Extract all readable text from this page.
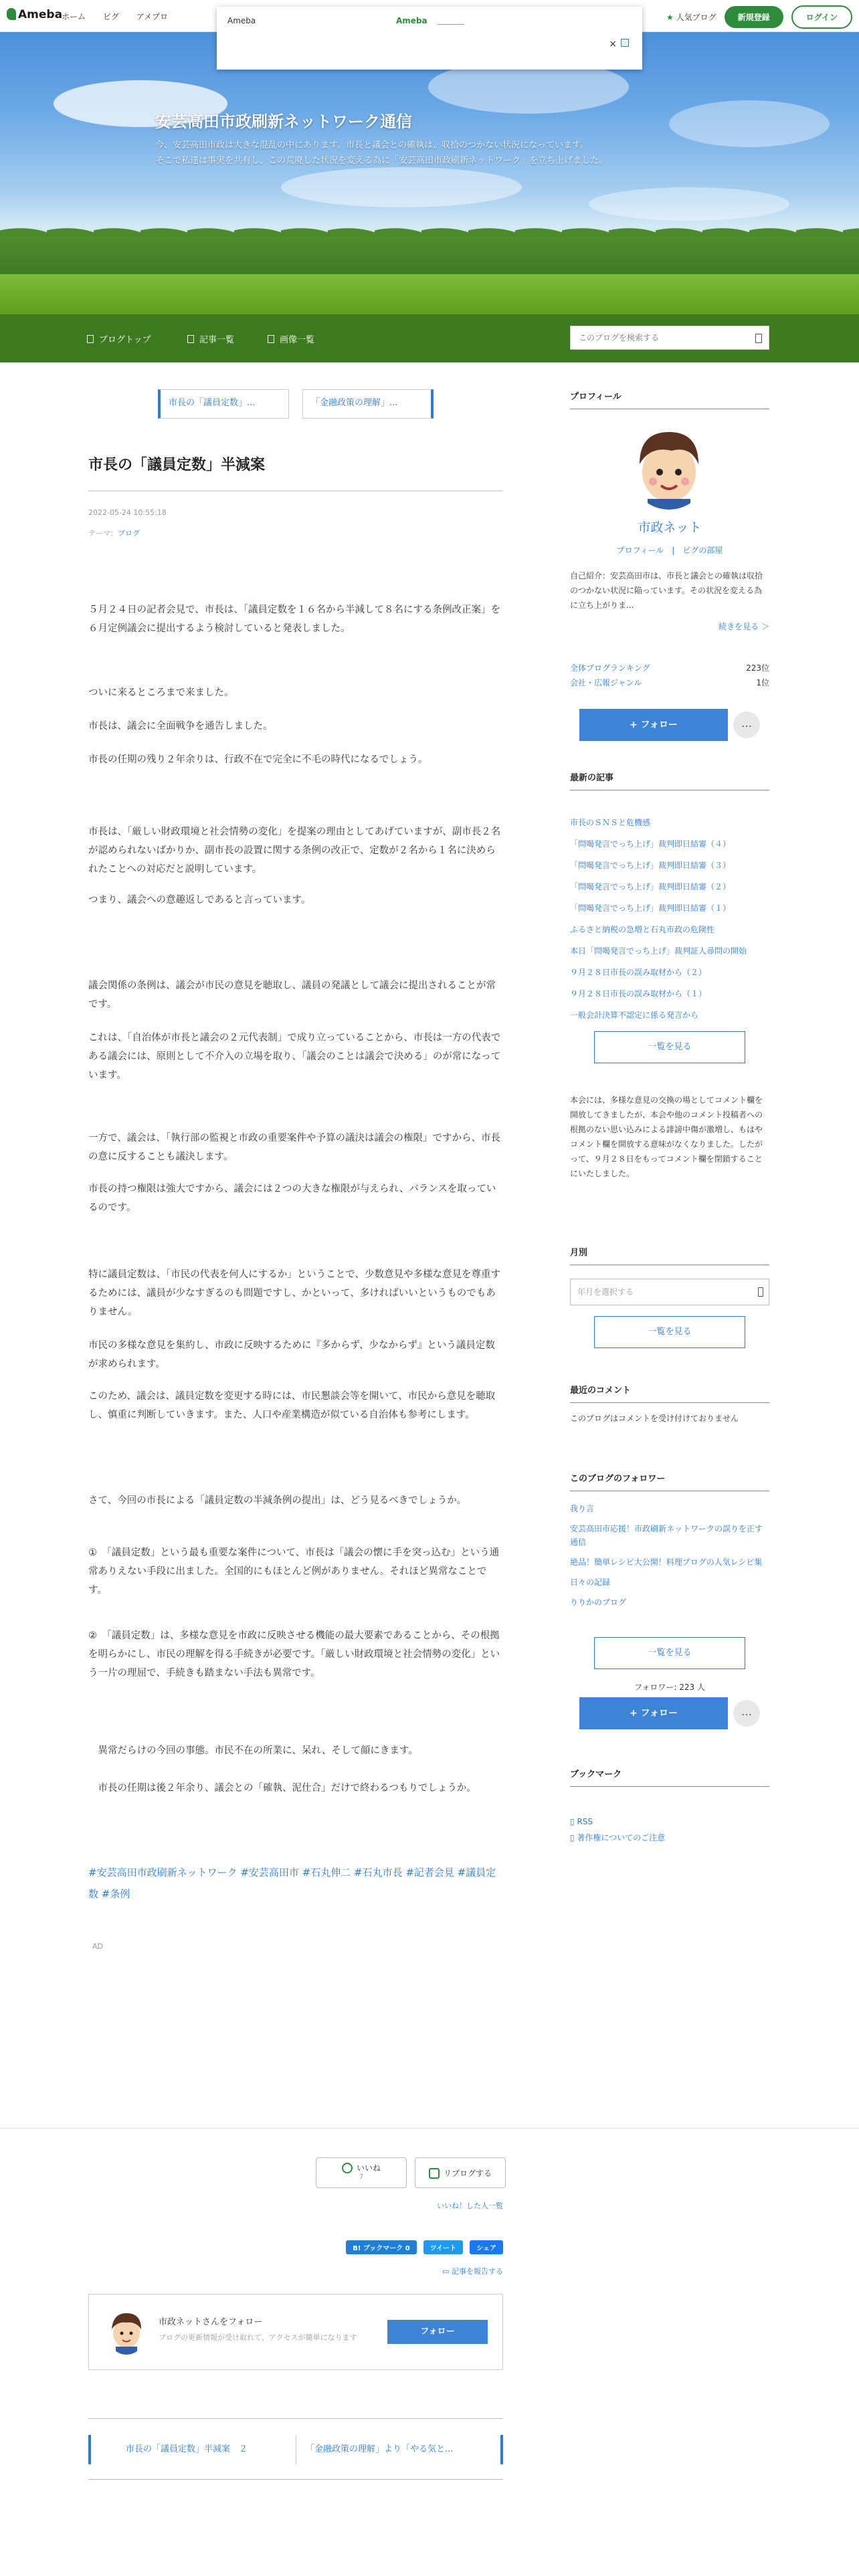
安芸高田市政刷新ネットワーク通信
今、安芸高田市政は大きな混乱の中にあります。市長と議会との確執は、収拾のつかない状況になっています。
そこで私達は事実を共有し、この荒廃した状況を変える為に「安芸高田市政刷新ネットワーク」を立ち上げました。
Ameba
ホーム ピグ アメブロ	★ 人気ブログ	新規登録	ログイン
Ameba	Ameba
×
ブログトップ	記事一覧	画像一覧
このブログを検索する
市長の「議員定数」...	「金融政策の理解」...
市長の「議員定数」半減案
2022-05-24 10:55:18
テーマ：ブログ

５月２４日の記者会見で、市長は、「議員定数を１６名から半減して８名にする条例改正案」を６月定例議会に提出するよう検討していると発表しました。

ついに来るところまで来ました。

市長は、議会に全面戦争を通告しました。

市長の任期の残り２年余りは、行政不在で完全に不毛の時代になるでしょう。

市長は、「厳しい財政環境と社会情勢の変化」を提案の理由としてあげていますが、副市長２名が認められないばかりか、副市長の設置に関する条例の改正で、定数が２名から１名に決められたことへの対応だと説明しています。

つまり、議会への意趣返しであると言っています。

議会関係の条例は、議会が市民の意見を聴取し、議員の発議として議会に提出されることが常です。

これは、「自治体が市長と議会の２元代表制」で成り立っていることから、市長は一方の代表である議会には、原則として不介入の立場を取り、「議会のことは議会で決める」のが常になっています。

一方で、議会は、「執行部の監視と市政の重要案件や予算の議決は議会の権限」ですから、市長の意に反することも議決します。

市長の持つ権限は強大ですから、議会には２つの大きな権限が与えられ、バランスを取っているのです。

特に議員定数は、「市民の代表を何人にするか」ということで、少数意見や多様な意見を尊重するためには、議員が少なすぎるのも問題ですし、かといって、多ければいいというものでもありません。

市民の多様な意見を集約し、市政に反映するために『多からず、少なからず』という議員定数が求められます。

このため、議会は、議員定数を変更する時には、市民懇談会等を開いて、市民から意見を聴取し、慎重に判断していきます。また、人口や産業構造が似ている自治体も参考にします。

さて、今回の市長による「議員定数の半減条例の提出」は、どう見るべきでしょうか。

①　「議員定数」という最も重要な案件について、市長は「議会の懐に手を突っ込む」という通常ありえない手段に出ました。全国的にもほとんど例がありません。それほど異常なことです。

②　「議員定数」は、多様な意見を市政に反映させる機能の最大要素であることから、その根拠を明らかにし、市民の理解を得る手続きが必要です。「厳しい財政環境と社会情勢の変化」という一片の理屈で、手続きも踏まない手法も異常です。

　異常だらけの今回の事態。市民不在の所業に、呆れ、そして顔にきます。

　市長の任期は後２年余り、議会との「確執、泥仕合」だけで終わるつもりでしょうか。

#安芸高田市政刷新ネットワーク #安芸高田市 #石丸伸二 #石丸市長 #記者会見 #議員定数 #条例
AD
いいね
7	リブログする
いいね！した人一覧
B! ブックマーク 0	ツイート	シェア
▭ 記事を報告する
市政ネットさんをフォロー
ブログの更新情報が受け取れて、アクセスが簡単になります
フォロー
市長の「議員定数」半減案　２	「金融政策の理解」より「やる気と...
プロフィール
市政ネット
プロフィール　|　ピグの部屋
自己紹介：安芸高田市は、市長と議会との確執は収拾のつかない状況に陥っています。その状況を変える為に立ち上がりま...
続きを見る ＞
全体ブログランキング	223位
会社・広報ジャンル	1位
+ フォロー	…
最新の記事
市長のＳＮＳと危機感
「問喝発言でっち上げ」裁判即日結審（４）
「問喝発言でっち上げ」裁判即日結審（３）
「問喝発言でっち上げ」裁判即日結審（２）
「問喝発言でっち上げ」裁判即日結審（１）
ふるさと納税の急増と石丸市政の危険性
本日「問喝発言でっち上げ」裁判証人尋問の開始
９月２８日市長の誤み取材から（２）
９月２８日市長の誤み取材から（１）
一般会計決算不認定に係る発言から
一覧を見る
本会には、多様な意見の交換の場としてコメント欄を開放してきましたが、本会や他のコメント投稿者への根拠のない思い込みによる誹謗中傷が激増し、もはやコメント欄を開放する意味がなくなりました。したがって、９月２８日をもってコメント欄を閉鎖することにいたしました。
月別
年月を選択する
一覧を見る
最近のコメント
このブログはコメントを受け付けておりません
このブログのフォロワー
我り言
安芸高田市応援！市政刷新ネットワークの誤りを正す通信
絶品！簡単レシピ大公開！料理ブログの人気レシピ集
日々の記録
りりかのブログ
一覧を見る
フォロワー: 223 人
+ フォロー	…
ブックマーク
▯ RSS
▯ 著作権についてのご注意
